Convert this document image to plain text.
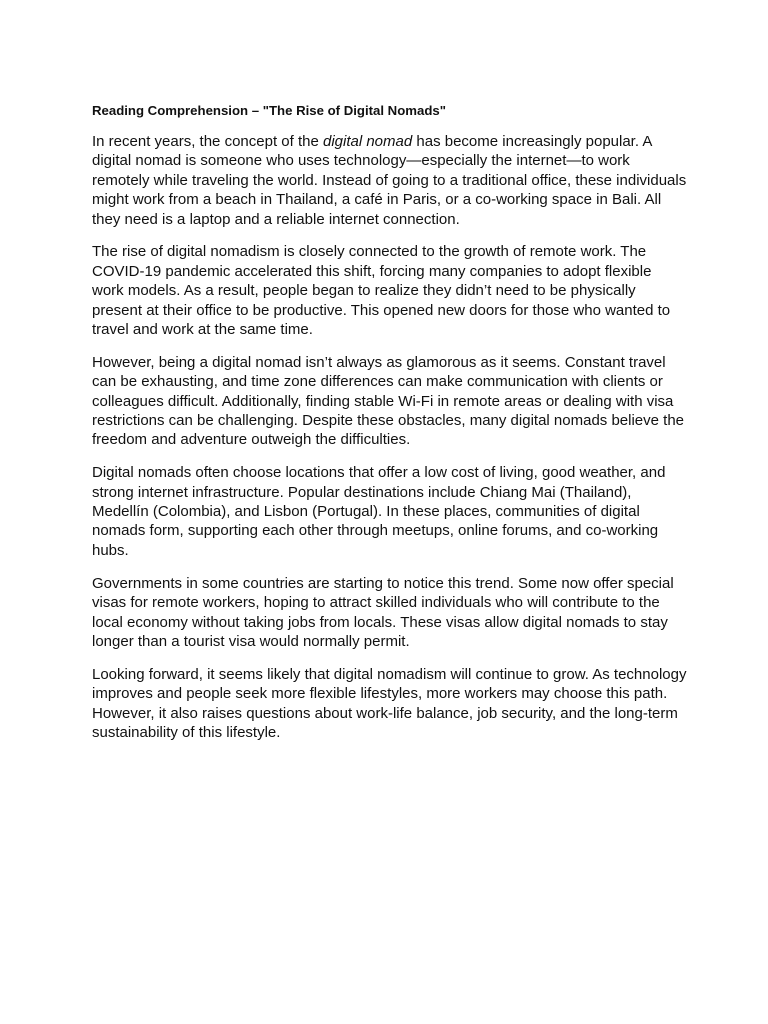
Reading Comprehension – "The Rise of Digital Nomads"

In recent years, the concept of the digital nomad has become increasingly popular. A digital nomad is someone who uses technology—especially the internet—to work remotely while traveling the world. Instead of going to a traditional office, these individuals might work from a beach in Thailand, a café in Paris, or a co-working space in Bali. All they need is a laptop and a reliable internet connection.

The rise of digital nomadism is closely connected to the growth of remote work. The COVID-19 pandemic accelerated this shift, forcing many companies to adopt flexible work models. As a result, people began to realize they didn’t need to be physically present at their office to be productive. This opened new doors for those who wanted to travel and work at the same time.

However, being a digital nomad isn’t always as glamorous as it seems. Constant travel can be exhausting, and time zone differences can make communication with clients or colleagues difficult. Additionally, finding stable Wi-Fi in remote areas or dealing with visa restrictions can be challenging. Despite these obstacles, many digital nomads believe the freedom and adventure outweigh the difficulties.

Digital nomads often choose locations that offer a low cost of living, good weather, and strong internet infrastructure. Popular destinations include Chiang Mai (Thailand), Medellín (Colombia), and Lisbon (Portugal). In these places, communities of digital nomads form, supporting each other through meetups, online forums, and co-working hubs.

Governments in some countries are starting to notice this trend. Some now offer special visas for remote workers, hoping to attract skilled individuals who will contribute to the local economy without taking jobs from locals. These visas allow digital nomads to stay longer than a tourist visa would normally permit.

Looking forward, it seems likely that digital nomadism will continue to grow. As technology improves and people seek more flexible lifestyles, more workers may choose this path. However, it also raises questions about work-life balance, job security, and the long-term sustainability of this lifestyle.
